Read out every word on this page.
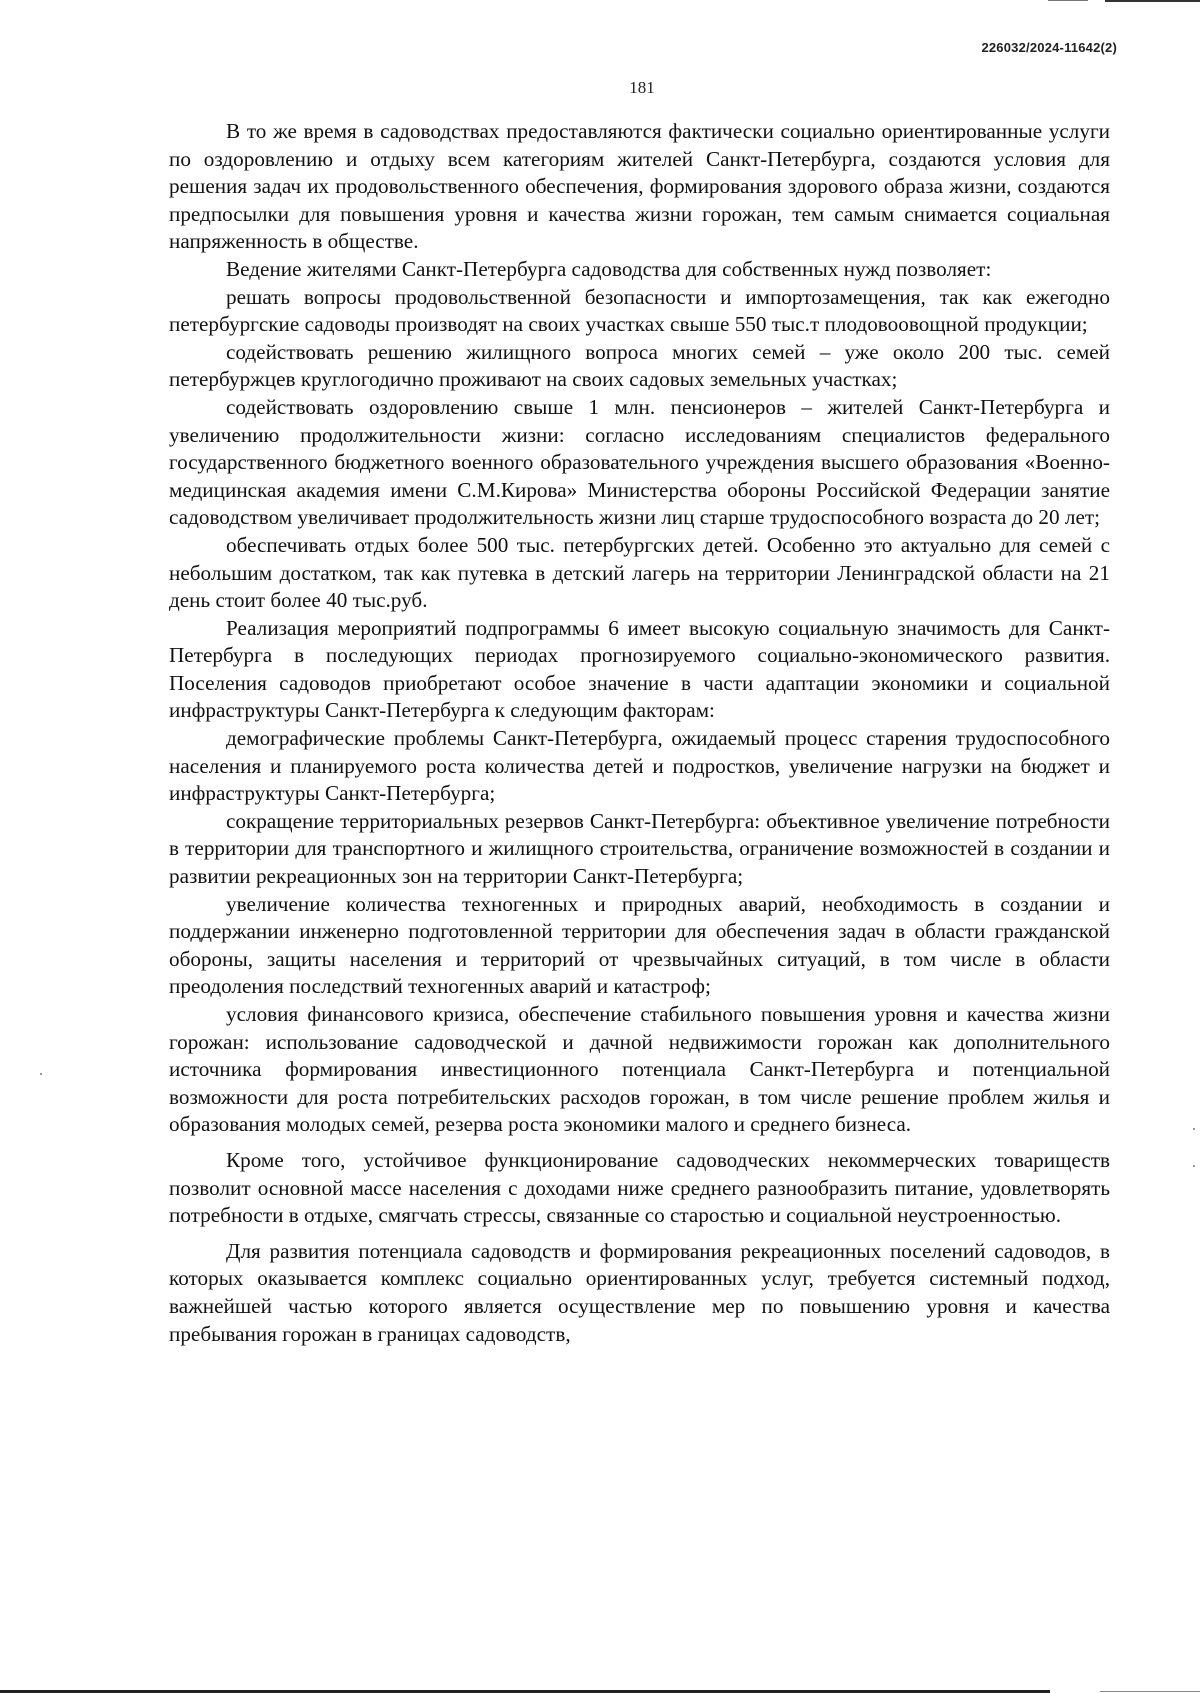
226032/2024-11642(2)
181

В то же время в садоводствах предоставляются фактически социально ориентированные услуги по оздоровлению и отдыху всем категориям жителей Санкт-Петербурга, создаются условия для решения задач их продовольственного обеспечения, формирования здорового образа жизни, создаются предпосылки для повышения уровня и качества жизни горожан, тем самым снимается социальная напряженность в обществе.

Ведение жителями Санкт-Петербурга садоводства для собственных нужд позволяет:

решать вопросы продовольственной безопасности и импортозамещения, так как ежегодно петербургские садоводы производят на своих участках свыше 550 тыс.т плодовоовощной продукции;

содействовать решению жилищного вопроса многих семей – уже около 200 тыс. семей петербуржцев круглогодично проживают на своих садовых земельных участках;

содействовать оздоровлению свыше 1 млн. пенсионеров – жителей Санкт-Петербурга и увеличению продолжительности жизни: согласно исследованиям специалистов федерального государственного бюджетного военного образовательного учреждения высшего образования «Военно-медицинская академия имени С.М.Кирова» Министерства обороны Российской Федерации занятие садоводством увеличивает продолжительность жизни лиц старше трудоспособного возраста до 20 лет;

обеспечивать отдых более 500 тыс. петербургских детей. Особенно это актуально для семей с небольшим достатком, так как путевка в детский лагерь на территории Ленинградской области на 21 день стоит более 40 тыс.руб.

Реализация мероприятий подпрограммы 6 имеет высокую социальную значимость для Санкт-Петербурга в последующих периодах прогнозируемого социально-экономического развития. Поселения садоводов приобретают особое значение в части адаптации экономики и социальной инфраструктуры Санкт-Петербурга к следующим факторам:

демографические проблемы Санкт-Петербурга, ожидаемый процесс старения трудоспособного населения и планируемого роста количества детей и подростков, увеличение нагрузки на бюджет и инфраструктуры Санкт-Петербурга;

сокращение территориальных резервов Санкт-Петербурга: объективное увеличение потребности в территории для транспортного и жилищного строительства, ограничение возможностей в создании и развитии рекреационных зон на территории Санкт-Петербурга;

увеличение количества техногенных и природных аварий, необходимость в создании и поддержании инженерно подготовленной территории для обеспечения задач в области гражданской обороны, защиты населения и территорий от чрезвычайных ситуаций, в том числе в области преодоления последствий техногенных аварий и катастроф;

условия финансового кризиса, обеспечение стабильного повышения уровня и качества жизни горожан: использование садоводческой и дачной недвижимости горожан как дополнительного источника формирования инвестиционного потенциала Санкт-Петербурга и потенциальной возможности для роста потребительских расходов горожан, в том числе решение проблем жилья и образования молодых семей, резерва роста экономики малого и среднего бизнеса.

Кроме того, устойчивое функционирование садоводческих некоммерческих товариществ позволит основной массе населения с доходами ниже среднего разнообразить питание, удовлетворять потребности в отдыхе, смягчать стрессы, связанные со старостью и социальной неустроенностью.

Для развития потенциала садоводств и формирования рекреационных поселений садоводов, в которых оказывается комплекс социально ориентированных услуг, требуется системный подход, важнейшей частью которого является осуществление мер по повышению уровня и качества пребывания горожан в границах садоводств,
